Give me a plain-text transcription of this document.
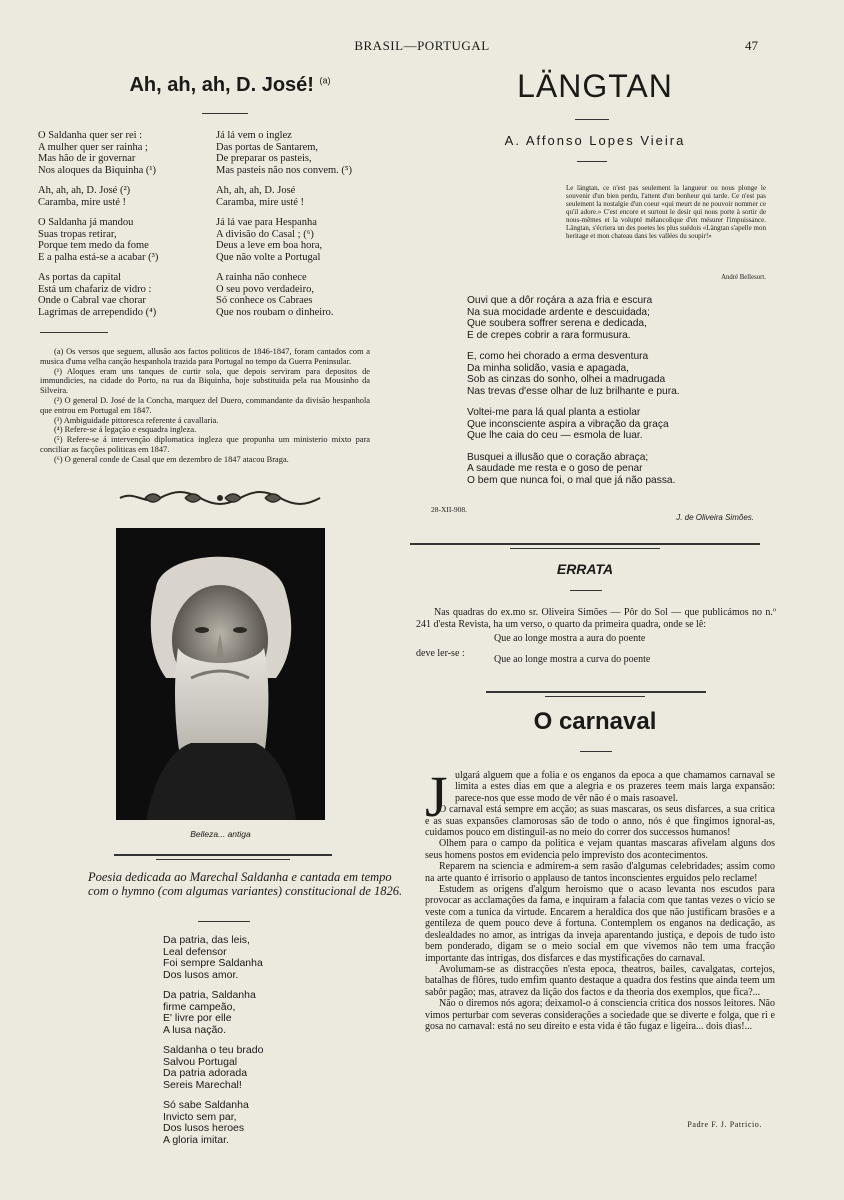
BRASIL—PORTUGAL	47
Ah, ah, ah, D. José! $^{(a)}$
O Saldanha quer ser rei :
A mulher quer ser rainha ;
Mas hão de ir governar
Nos aloques da Biquinha (¹)
Ah, ah, ah, D. José (²)
Caramba, mire usté !
O Saldanha já mandou
Suas tropas retirar,
Porque tem medo da fome
E a palha está-se a acabar (³)
As portas da capital
Está um chafariz de vidro :
Onde o Cabral vae chorar
Lagrimas de arrependido (⁴)
Já lá vem o inglez
Das portas de Santarem,
De preparar os pasteis,
Mas pasteis não nos convem. (⁵)
Ah, ah, ah, D. José
Caramba, mire usté !
Já lá vae para Hespanha
A divisão do Casal ; (⁶)
Deus a leve em boa hora,
Que não volte a Portugal
A rainha não conhece
O seu povo verdadeiro,
Só conhece os Cabraes
Que nos roubam o dinheiro.
(a) Os versos que seguem, allusão aos factos politicos de 1846-1847, foram cantados com a musica d'uma velha canção hespanhola trazida para Portugal no tempo da Guerra Peninsular.
(¹) Aloques eram uns tanques de curtir sola, que depois serviram para depositos de immundicies, na cidade do Porto, na rua da Biquinha, hoje substituida pela rua Mousinho da Silveira.
(²) O general D. José de la Concha, marquez del Duero, commandante da divisão hespanhola que entrou em Portugal em 1847.
(³) Ambiguidade pittoresca referente á cavallaria.
(⁴) Refere-se á legação e esquadra ingleza.
(⁵) Refere-se á intervenção diplomatica ingleza que propunha um ministerio mixto para conciliar as facções politicas em 1847.
(⁶) O general conde de Casal que em dezembro de 1847 atacou Braga.
Belleza... antiga
Poesia dedicada ao Marechal Saldanha e cantada em tempo com o hymno (com algumas variantes) constitucional de 1826.
Da patria, das leis,
Leal defensor
Foi sempre Saldanha
Dos lusos amor.
Da patria, Saldanha
firme campeão,
E' livre por elle
A lusa nação.
Saldanha o teu brado
Salvou Portugal
Da patria adorada
Sereis Marechal!
Só sabe Saldanha
Invicto sem par,
Dos lusos heroes
A gloria imitar.
LÄNGTAN
A. Affonso Lopes Vieira
Le längtan, ce n'est pas seulement la langueur ou nous plonge le souvenir d'un bien perdu, l'attent d'un bonheur qui tarde. Ce n'est pas seulement la nostalgie d'un coeur «qui meurt de ne pouvoir nommer ce qu'il adore.» C'est encore et surtout le desir qui nous porte à sortir de nous-mêmes et la volupté mélancolique d'en mésurer l'impuissance. Längtan, s'écriera un des poetes les plus suédois «Längtan s'apelle mon heritage et mon chateau dans les vallées du soupir!»
André Bellesort.
Ouvi que a dôr roçára a aza fria e escura
Na sua mocidade ardente e descuidada;
Que soubera soffrer serena e dedicada,
E de crepes cobrir a rara formusura.
E, como hei chorado a erma desventura
Da minha solidão, vasia e apagada,
Sob as cinzas do sonho, olhei a madrugada
Nas trevas d'esse olhar de luz brilhante e pura.
Voltei-me para lá qual planta a estiolar
Que inconsciente aspira a vibração da graça
Que lhe caia do ceu — esmola de luar.
Busquei a illusão que o coração abraça;
A saudade me resta e o goso de penar
O bem que nunca foi, o mal que já não passa.
28-XII-908.
J. de Oliveira Simões.
ERRATA
Nas quadras do ex.mo sr. Oliveira Simões — Pôr do Sol — que publicámos no n.º 241 d'esta Revista, ha um verso, o quarto da primeira quadra, onde se lê:
Que ao longe mostra a aura do poente
deve ler-se :
Que ao longe mostra a curva do poente
O carnaval
J ulgará alguem que a folia e os enganos da epoca a que chamamos carnaval se limita a estes dias em que a alegria e os prazeres teem mais larga expansão: parece-nos que esse modo de vêr não é o mais rasoavel.

O carnaval está sempre em acção; as suas mascaras, os seus disfarces, a sua critica e as suas expansões clamorosas são de todo o anno, nós é que fingimos ignoral-as, cuidamos pouco em distinguil-as no meio do correr dos successos humanos!

Olhem para o campo da politica e vejam quantas mascaras afivelam alguns dos seus homens postos em evidencia pelo imprevisto dos acontecimentos.

Reparem na sciencia e admirem-a sem rasão d'algumas celebridades; assim como na arte quanto é irrisorio o applauso de tantos inconscientes erguidos pelo reclame!

Estudem as origens d'algum heroismo que o acaso levanta nos escudos para provocar as acclamações da fama, e inquiram a falacia com que tantas vezes o vicio se veste com a tunica da virtude. Encarem a heraldica dos que não justificam brasões e a gentileza de quem pouco deve á fortuna. Contemplem os enganos na dedicação, as deslealdades no amor, as intrigas da inveja aparentando justiça, e depois de tudo isto bem ponderado, digam se o meio social em que vivemos não tem uma fracção importante das intrigas, dos disfarces e das mystificações do carnaval.

Avolumam-se as distracções n'esta epoca, theatros, bailes, cavalgatas, cortejos, batalhas de flôres, tudo emfim quanto destaque a quadra dos festins que ainda teem um sabôr pagão; mas, atravez da lição dos factos e da theoria dos exemplos, que fica?...

Não o diremos nós agora; deixamol-o á consciencia critica dos nossos leitores. Não vimos perturbar com severas considerações a sociedade que se diverte e folga, que ri e gosa no carnaval: está no seu direito e esta vida é tão fugaz e ligeira... dois dias!...

Padre F. J. Patricio.
